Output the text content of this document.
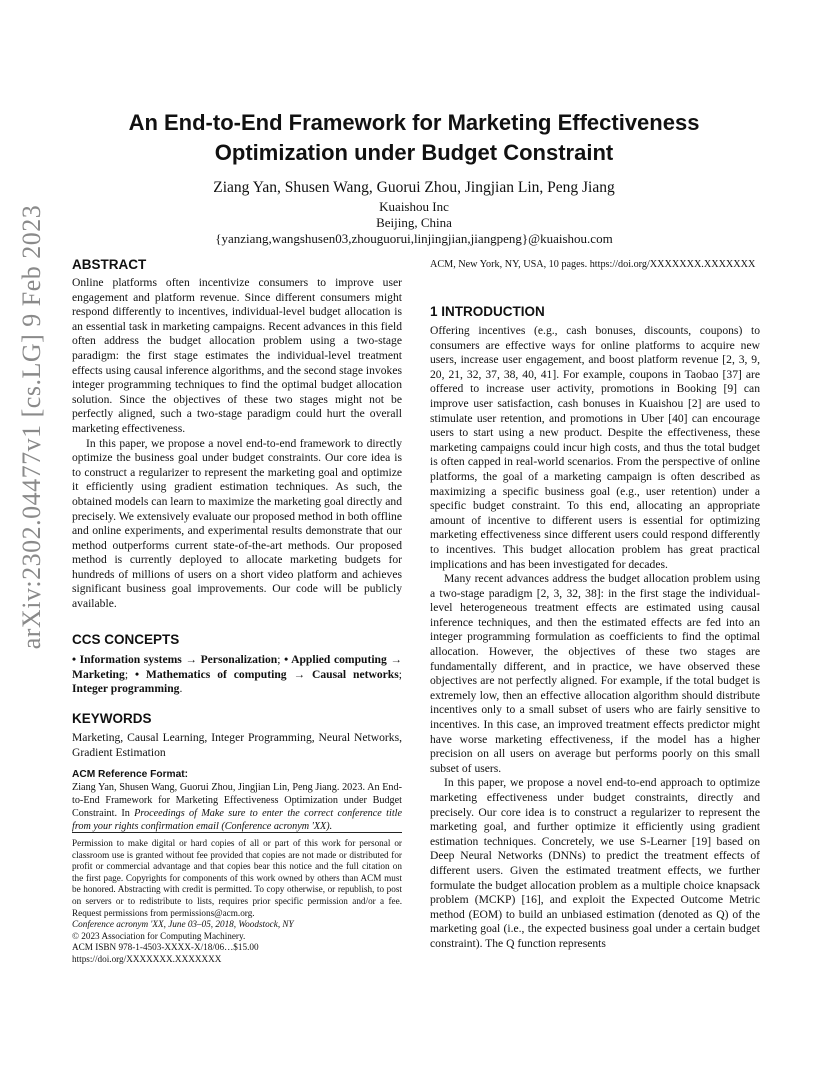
arXiv:2302.04477v1 [cs.LG] 9 Feb 2023
An End-to-End Framework for Marketing Effectiveness
Optimization under Budget Constraint
Ziang Yan, Shusen Wang, Guorui Zhou, Jingjian Lin, Peng Jiang
Kuaishou Inc
Beijing, China
{yanziang,wangshusen03,zhouguorui,linjingjian,jiangpeng}@kuaishou.com
ABSTRACT

Online platforms often incentivize consumers to improve user engagement and platform revenue. Since different consumers might respond differently to incentives, individual-level budget allocation is an essential task in marketing campaigns. Recent advances in this field often address the budget allocation problem using a two-stage paradigm: the first stage estimates the individual-level treatment effects using causal inference algorithms, and the second stage invokes integer programming techniques to find the optimal budget allocation solution. Since the objectives of these two stages might not be perfectly aligned, such a two-stage paradigm could hurt the overall marketing effectiveness.

In this paper, we propose a novel end-to-end framework to directly optimize the business goal under budget constraints. Our core idea is to construct a regularizer to represent the marketing goal and optimize it efficiently using gradient estimation techniques. As such, the obtained models can learn to maximize the marketing goal directly and precisely. We extensively evaluate our proposed method in both offline and online experiments, and experimental results demonstrate that our method outperforms current state-of-the-art methods. Our proposed method is currently deployed to allocate marketing budgets for hundreds of millions of users on a short video platform and achieves significant business goal improvements. Our code will be publicly available.

CCS CONCEPTS

• Information systems → Personalization; • Applied computing → Marketing; • Mathematics of computing → Causal networks; Integer programming.

KEYWORDS

Marketing, Causal Learning, Integer Programming, Neural Networks, Gradient Estimation

ACM Reference Format:

Ziang Yan, Shusen Wang, Guorui Zhou, Jingjian Lin, Peng Jiang. 2023. An End-to-End Framework for Marketing Effectiveness Optimization under Budget Constraint. In Proceedings of Make sure to enter the correct conference title from your rights confirmation email (Conference acronym 'XX).

Permission to make digital or hard copies of all or part of this work for personal or classroom use is granted without fee provided that copies are not made or distributed for profit or commercial advantage and that copies bear this notice and the full citation on the first page. Copyrights for components of this work owned by others than ACM must be honored. Abstracting with credit is permitted. To copy otherwise, or republish, to post on servers or to redistribute to lists, requires prior specific permission and/or a fee. Request permissions from permissions@acm.org.

Conference acronym 'XX, June 03–05, 2018, Woodstock, NY
© 2023 Association for Computing Machinery.
ACM ISBN 978-1-4503-XXXX-X/18/06…$15.00
https://doi.org/XXXXXXX.XXXXXXX
ACM, New York, NY, USA, 10 pages. https://doi.org/XXXXXXX.XXXXXXX
1 INTRODUCTION

Offering incentives (e.g., cash bonuses, discounts, coupons) to consumers are effective ways for online platforms to acquire new users, increase user engagement, and boost platform revenue [2, 3, 9, 20, 21, 32, 37, 38, 40, 41]. For example, coupons in Taobao [37] are offered to increase user activity, promotions in Booking [9] can improve user satisfaction, cash bonuses in Kuaishou [2] are used to stimulate user retention, and promotions in Uber [40] can encourage users to start using a new product. Despite the effectiveness, these marketing campaigns could incur high costs, and thus the total budget is often capped in real-world scenarios. From the perspective of online platforms, the goal of a marketing campaign is often described as maximizing a specific business goal (e.g., user retention) under a specific budget constraint. To this end, allocating an appropriate amount of incentive to different users is essential for optimizing marketing effectiveness since different users could respond differently to incentives. This budget allocation problem has great practical implications and has been investigated for decades.

Many recent advances address the budget allocation problem using a two-stage paradigm [2, 3, 32, 38]: in the first stage the individual-level heterogeneous treatment effects are estimated using causal inference techniques, and then the estimated effects are fed into an integer programming formulation as coefficients to find the optimal allocation. However, the objectives of these two stages are fundamentally different, and in practice, we have observed these objectives are not perfectly aligned. For example, if the total budget is extremely low, then an effective allocation algorithm should distribute incentives only to a small subset of users who are fairly sensitive to incentives. In this case, an improved treatment effects predictor might have worse marketing effectiveness, if the model has a higher precision on all users on average but performs poorly on this small subset of users.

In this paper, we propose a novel end-to-end approach to optimize marketing effectiveness under budget constraints, directly and precisely. Our core idea is to construct a regularizer to represent the marketing goal, and further optimize it efficiently using gradient estimation techniques. Concretely, we use S-Learner [19] based on Deep Neural Networks (DNNs) to predict the treatment effects of different users. Given the estimated treatment effects, we further formulate the budget allocation problem as a multiple choice knapsack problem (MCKP) [16], and exploit the Expected Outcome Metric method (EOM) to build an unbiased estimation (denoted as Q) of the marketing goal (i.e., the expected business goal under a certain budget constraint). The Q function represents
